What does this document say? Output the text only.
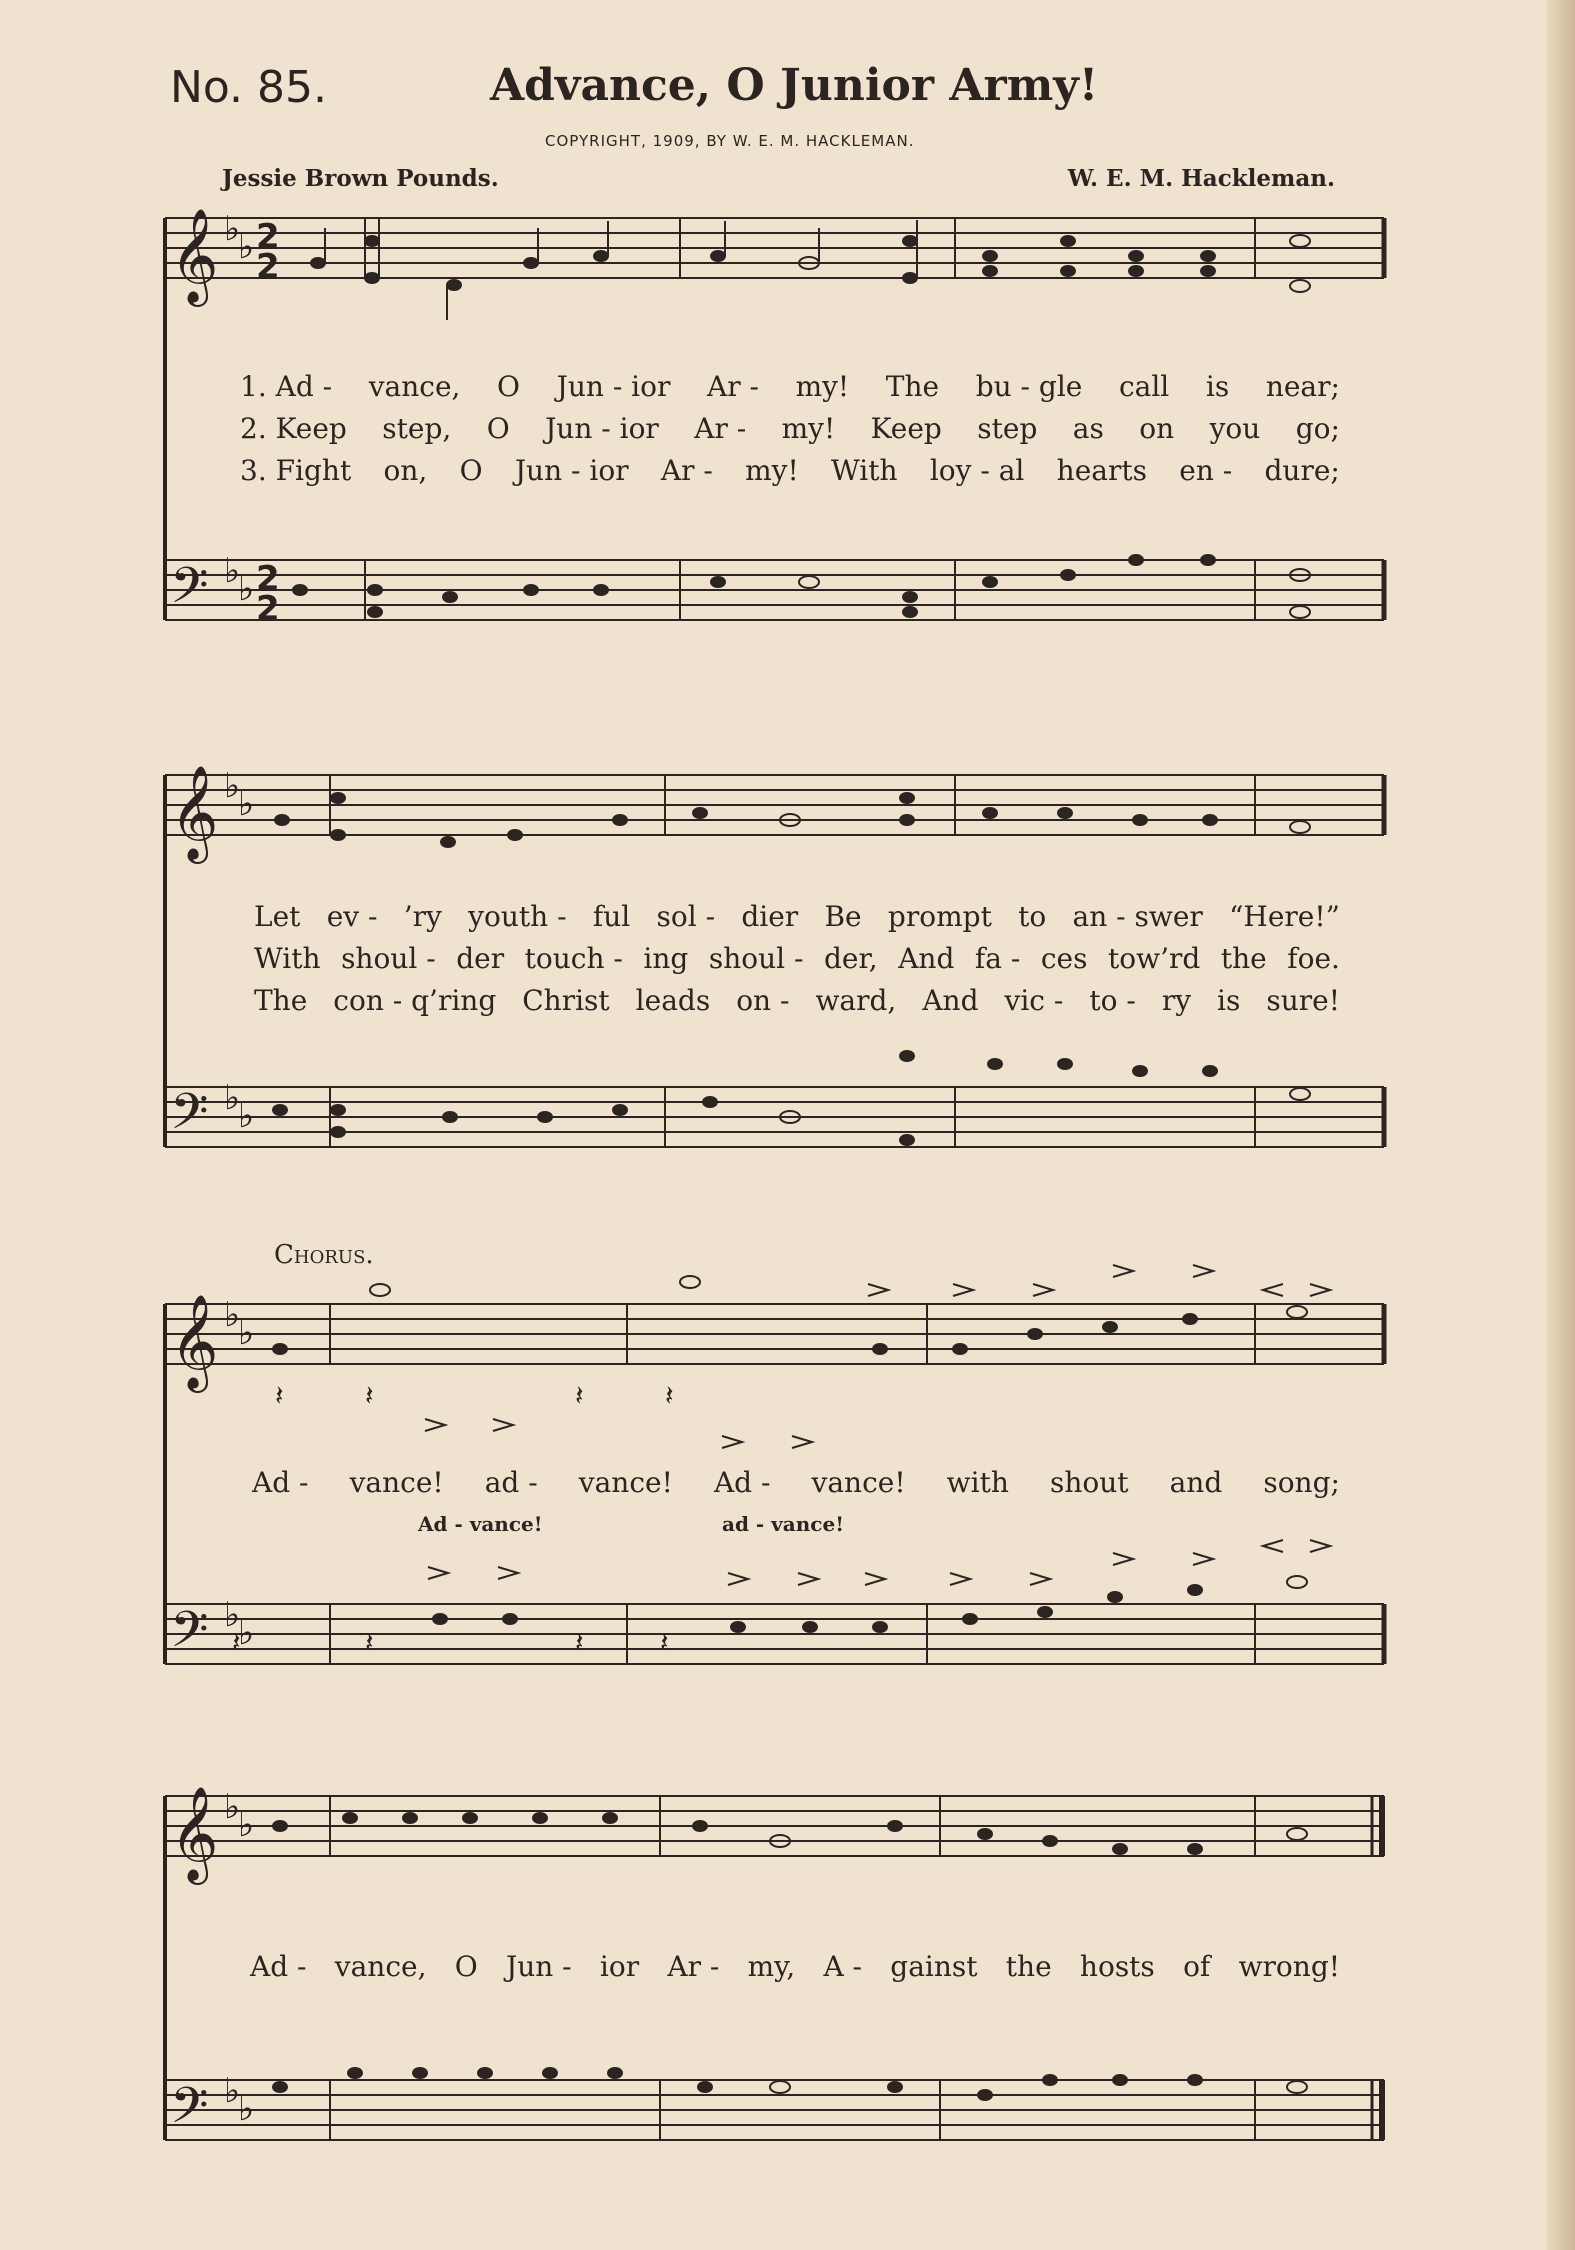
No. 85.	Advance, O Junior Army!
COPYRIGHT, 1909, BY W. E. M. HACKLEMAN.
Jessie Brown Pounds.	W. E. M. Hackleman.
𝄞
𝄢
𝄞
𝄢
𝄞
𝄢
𝄞
𝄢
♭
♭
♭
♭
♭
♭
♭
♭
♭
♭
♭
♭
♭
♭
♭
♭
2
2
2
2
𝄽	𝄽	𝄽	𝄽
𝄽	𝄽	𝄽	𝄽
1. Ad - vance, O Jun - ior Ar - my! The bu - gle call is near;
2. Keep step, O Jun - ior Ar - my! Keep step as on you go;
3. Fight on, O Jun - ior Ar - my! With loy - al hearts en - dure;
Let ev - ’ry youth - ful sol - dier Be prompt to an - swer “Here!”
With shoul - der touch - ing shoul - der, And fa - ces tow’rd the foe.
The con - q’ring Christ leads on - ward, And vic - to - ry is sure!
Chorus.
Ad - vance! ad - vance! Ad - vance! with shout and song;
Ad - vance!	ad - vance!
Ad - vance, O Jun - ior Ar - my, A - gainst the hosts of wrong!
